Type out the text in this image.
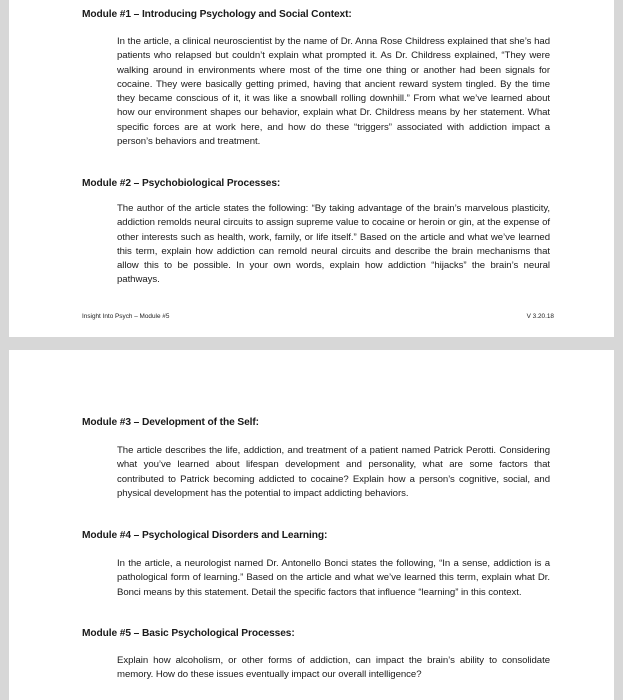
Module #1 – Introducing Psychology and Social Context:
In the article, a clinical neuroscientist by the name of Dr. Anna Rose Childress explained that she’s had patients who relapsed but couldn’t explain what prompted it. As Dr. Childress explained, “They were walking around in environments where most of the time one thing or another had been signals for cocaine. They were basically getting primed, having that ancient reward system tingled. By the time they became conscious of it, it was like a snowball rolling downhill.” From what we’ve learned about how our environment shapes our behavior, explain what Dr. Childress means by her statement. What specific forces are at work here, and how do these “triggers” associated with addiction impact a person’s behaviors and treatment.
Module #2 – Psychobiological Processes:
The author of the article states the following: “By taking advantage of the brain’s marvelous plasticity, addiction remolds neural circuits to assign supreme value to cocaine or heroin or gin, at the expense of other interests such as health, work, family, or life itself.” Based on the article and what we’ve learned this term, explain how addiction can remold neural circuits and describe the brain mechanisms that allow this to be possible. In your own words, explain how addiction “hijacks” the brain’s neural pathways.
Insight Into Psych – Module #5	V 3.20.18
Module #3 – Development of the Self:
The article describes the life, addiction, and treatment of a patient named Patrick Perotti. Considering what you’ve learned about lifespan development and personality, what are some factors that contributed to Patrick becoming addicted to cocaine? Explain how a person’s cognitive, social, and physical development has the potential to impact addicting behaviors.
Module #4 – Psychological Disorders and Learning:
In the article, a neurologist named Dr. Antonello Bonci states the following, “In a sense, addiction is a pathological form of learning.” Based on the article and what we’ve learned this term, explain what Dr. Bonci means by this statement. Detail the specific factors that influence “learning” in this context.
Module #5 – Basic Psychological Processes:
Explain how alcoholism, or other forms of addiction, can impact the brain’s ability to consolidate memory. How do these issues eventually impact our overall intelligence?
